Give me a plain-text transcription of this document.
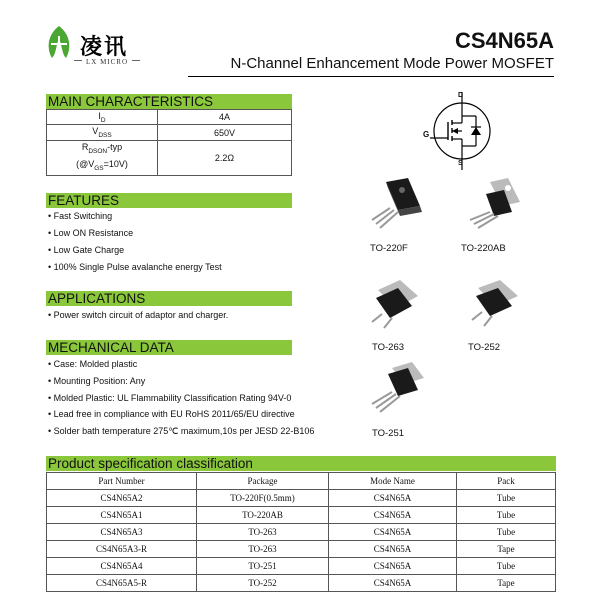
凌讯
LX MICRO
CS4N65A
N-Channel Enhancement Mode Power MOSFET
MAIN CHARACTERISTICS
$I_D$	4A
$V_{DSS}$	650V
$R_{DSON}$-typ
$(@V_{GS}=10V)$	2.2Ω
FEATURES
• Fast Switching
• Low ON Resistance
• Low Gate Charge
• 100% Single Pulse avalanche energy Test
APPLICATIONS
• Power switch circuit of adaptor and charger.
MECHANICAL DATA
• Case: Molded plastic
• Mounting Position: Any
• Molded Plastic: UL Flammability Classification Rating 94V-0
• Lead free in compliance with EU RoHS 2011/65/EU directive
• Solder bath temperature 275℃ maximum,10s per JESD 22-B106
D
G
S
TO-220F	TO-220AB
TO-263	TO-252
TO-251
Product specification classification
Part Number	Package	Mode Name	Pack
CS4N65A2	TO-220F(0.5mm)	CS4N65A	Tube
CS4N65A1	TO-220AB	CS4N65A	Tube
CS4N65A3	TO-263	CS4N65A	Tube
CS4N65A3-R	TO-263	CS4N65A	Tape
CS4N65A4	TO-251	CS4N65A	Tube
CS4N65A5-R	TO-252	CS4N65A	Tape
